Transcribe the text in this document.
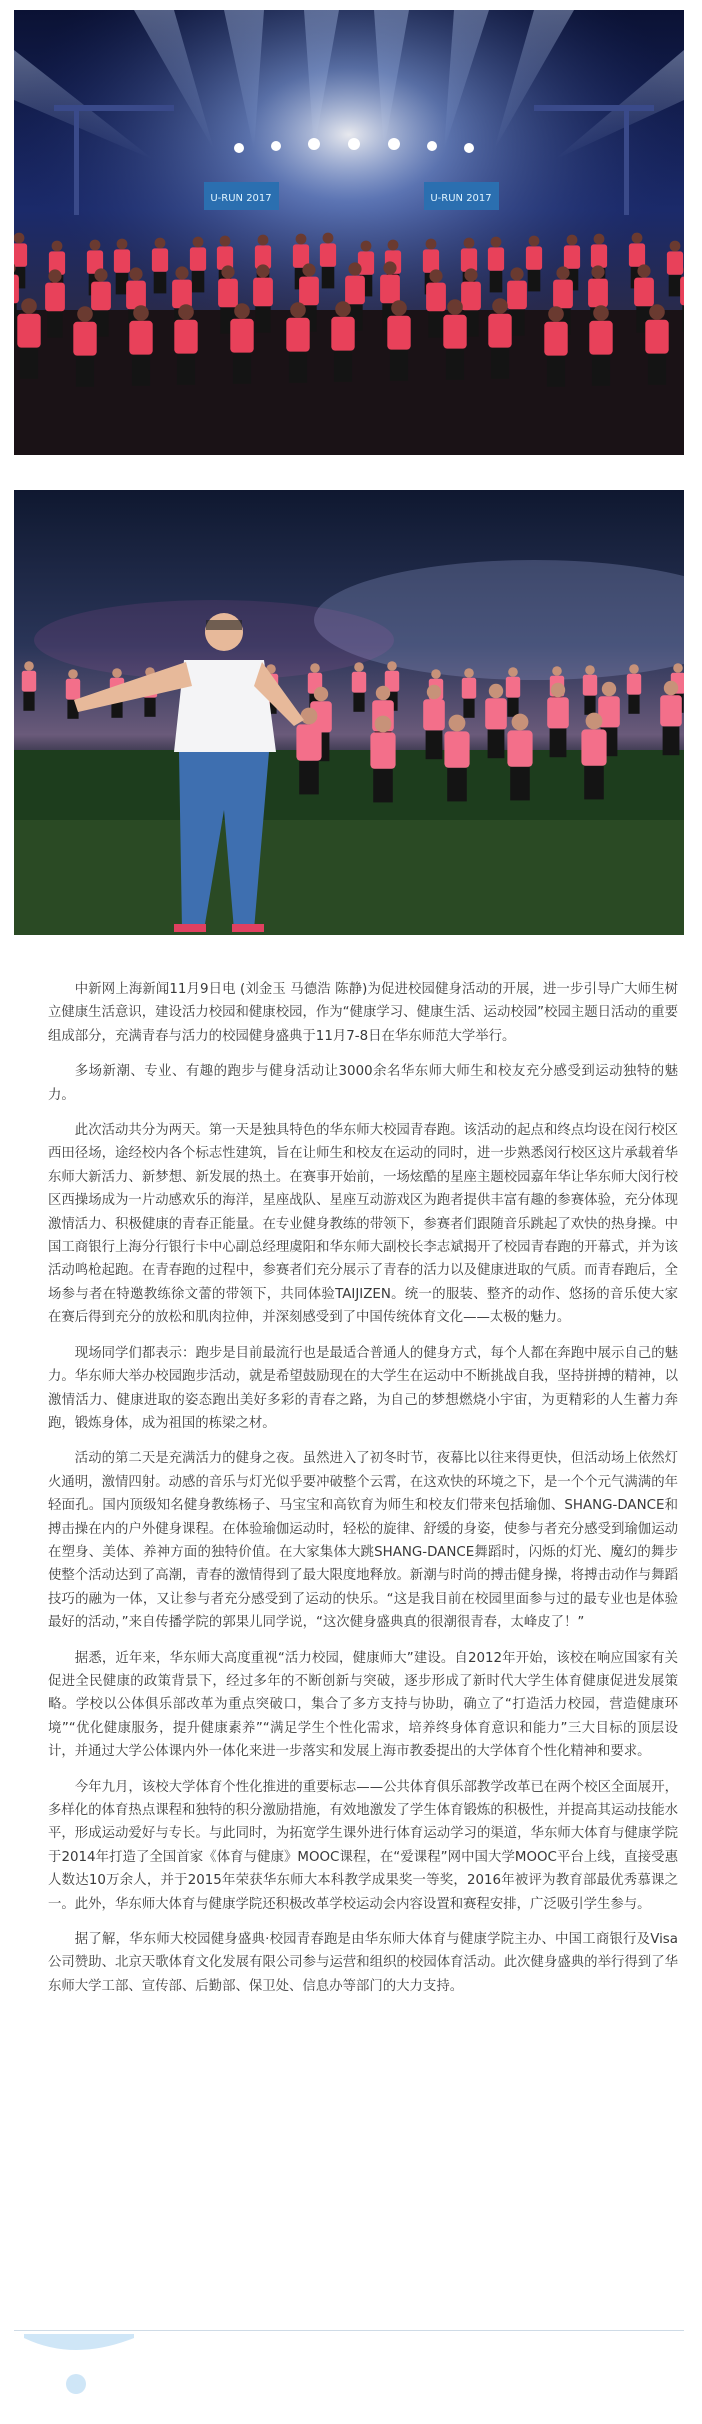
U-RUN 2017	U-RUN 2017

中新网上海新闻11月9日电 (刘金玉 马德浩 陈静)为促进校园健身活动的开展，进一步引导广大师生树立健康生活意识，建设活力校园和健康校园，作为“健康学习、健康生活、运动校园”校园主题日活动的重要组成部分，充满青春与活力的校园健身盛典于11月7-8日在华东师范大学举行。

多场新潮、专业、有趣的跑步与健身活动让3000余名华东师大师生和校友充分感受到运动独特的魅力。

此次活动共分为两天。第一天是独具特色的华东师大校园青春跑。该活动的起点和终点均设在闵行校区西田径场，途经校内各个标志性建筑，旨在让师生和校友在运动的同时，进一步熟悉闵行校区这片承载着华东师大新活力、新梦想、新发展的热土。在赛事开始前，一场炫酷的星座主题校园嘉年华让华东师大闵行校区西操场成为一片动感欢乐的海洋，星座战队、星座互动游戏区为跑者提供丰富有趣的参赛体验，充分体现激情活力、积极健康的青春正能量。在专业健身教练的带领下，参赛者们跟随音乐跳起了欢快的热身操。中国工商银行上海分行银行卡中心副总经理虞阳和华东师大副校长李志斌揭开了校园青春跑的开幕式，并为该活动鸣枪起跑。在青春跑的过程中，参赛者们充分展示了青春的活力以及健康进取的气质。而青春跑后，全场参与者在特邀教练徐文蕾的带领下，共同体验TAIJIZEN。统一的服装、整齐的动作、悠扬的音乐使大家在赛后得到充分的放松和肌肉拉伸，并深刻感受到了中国传统体育文化——太极的魅力。

现场同学们都表示：跑步是目前最流行也是最适合普通人的健身方式，每个人都在奔跑中展示自己的魅力。华东师大举办校园跑步活动，就是希望鼓励现在的大学生在运动中不断挑战自我，坚持拼搏的精神，以激情活力、健康进取的姿态跑出美好多彩的青春之路，为自己的梦想燃烧小宇宙，为更精彩的人生蓄力奔跑，锻炼身体，成为祖国的栋梁之材。

活动的第二天是充满活力的健身之夜。虽然进入了初冬时节，夜幕比以往来得更快，但活动场上依然灯火通明，激情四射。动感的音乐与灯光似乎要冲破整个云霄，在这欢快的环境之下，是一个个元气满满的年轻面孔。国内顶级知名健身教练杨子、马宝宝和高钦育为师生和校友们带来包括瑜伽、SHANG-DANCE和搏击操在内的户外健身课程。在体验瑜伽运动时，轻松的旋律、舒缓的身姿，使参与者充分感受到瑜伽运动在塑身、美体、养神方面的独特价值。在大家集体大跳SHANG-DANCE舞蹈时，闪烁的灯光、魔幻的舞步使整个活动达到了高潮，青春的激情得到了最大限度地释放。新潮与时尚的搏击健身操，将搏击动作与舞蹈技巧的融为一体，又让参与者充分感受到了运动的快乐。“这是我目前在校园里面参与过的最专业也是体验最好的活动，”来自传播学院的郭果儿同学说，“这次健身盛典真的很潮很青春，太峰皮了！”

据悉，近年来，华东师大高度重视“活力校园，健康师大”建设。自2012年开始，该校在响应国家有关促进全民健康的政策背景下，经过多年的不断创新与突破，逐步形成了新时代大学生体育健康促进发展策略。学校以公体俱乐部改革为重点突破口，集合了多方支持与协助，确立了“打造活力校园，营造健康环境”“优化健康服务，提升健康素养”“满足学生个性化需求，培养终身体育意识和能力”三大目标的顶层设计，并通过大学公体课内外一体化来进一步落实和发展上海市教委提出的大学体育个性化精神和要求。

今年九月，该校大学体育个性化推进的重要标志——公共体育俱乐部教学改革已在两个校区全面展开，多样化的体育热点课程和独特的积分激励措施，有效地激发了学生体育锻炼的积极性，并提高其运动技能水平，形成运动爱好与专长。与此同时，为拓宽学生课外进行体育运动学习的渠道，华东师大体育与健康学院于2014年打造了全国首家《体育与健康》MOOC课程，在“爱课程”网中国大学MOOC平台上线，直接受惠人数达10万余人，并于2015年荣获华东师大本科教学成果奖一等奖，2016年被评为教育部最优秀慕课之一。此外，华东师大体育与健康学院还积极改革学校运动会内容设置和赛程安排，广泛吸引学生参与。

据了解，华东师大校园健身盛典·校园青春跑是由华东师大体育与健康学院主办、中国工商银行及Visa公司赞助、北京天歌体育文化发展有限公司参与运营和组织的校园体育活动。此次健身盛典的举行得到了华东师大学工部、宣传部、后勤部、保卫处、信息办等部门的大力支持。
